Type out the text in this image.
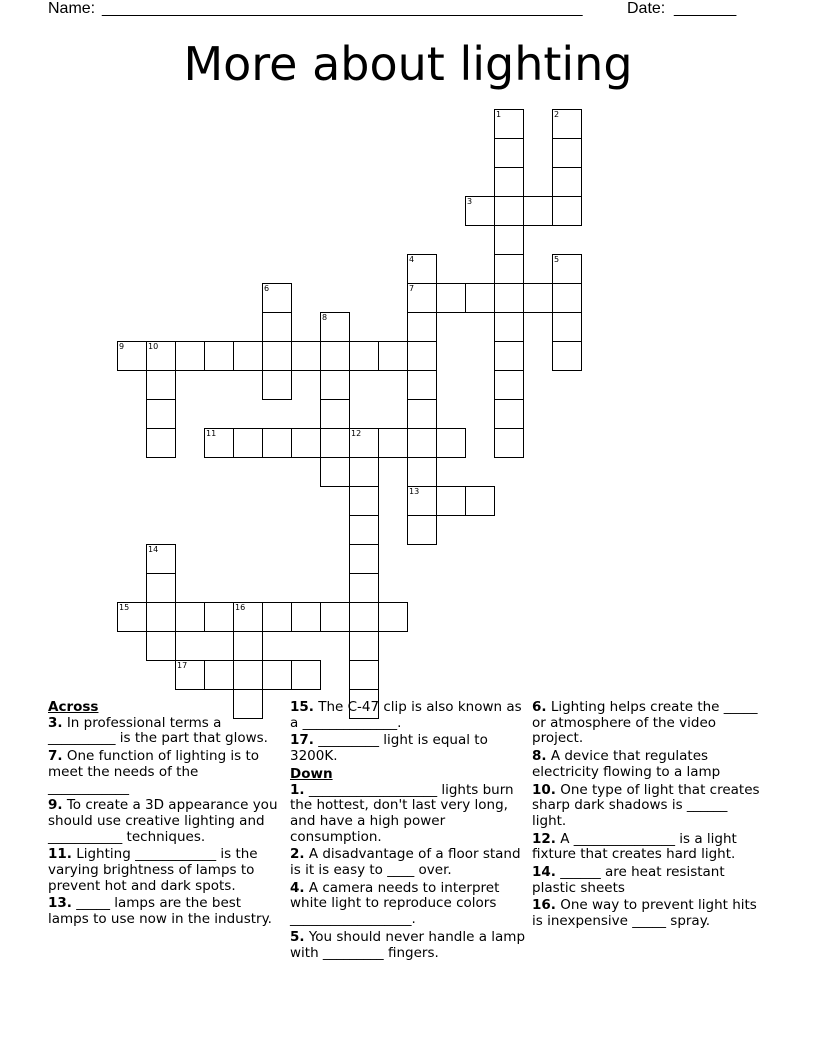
Name: ______________________________________________________	Date: _______
More about lighting
1	2
3
4	5
6	7
8
9	10
11	12
13
14
15	16
17
Across
3. In professional terms a __________ is the part that glows.
7. One function of lighting is to meet the needs of the ____________
9. To create a 3D appearance you should use creative lighting and ___________ techniques.
11. Lighting ____________ is the varying brightness of lamps to prevent hot and dark spots.
13. _____ lamps are the best lamps to use now in the industry.
15. The C-47 clip is also known as a ______________.
17. _________ light is equal to 3200K.
Down
1. ___________________ lights burn the hottest, don't last very long, and have a high power consumption.
2. A disadvantage of a floor stand is it is easy to ____ over.
4. A camera needs to interpret white light to reproduce colors __________________.
5. You should never handle a lamp with _________ fingers.
6. Lighting helps create the _____ or atmosphere of the video project.
8. A device that regulates electricity flowing to a lamp
10. One type of light that creates sharp dark shadows is ______ light.
12. A _______________ is a light fixture that creates hard light.
14. ______ are heat resistant plastic sheets
16. One way to prevent light hits is inexpensive _____ spray.
